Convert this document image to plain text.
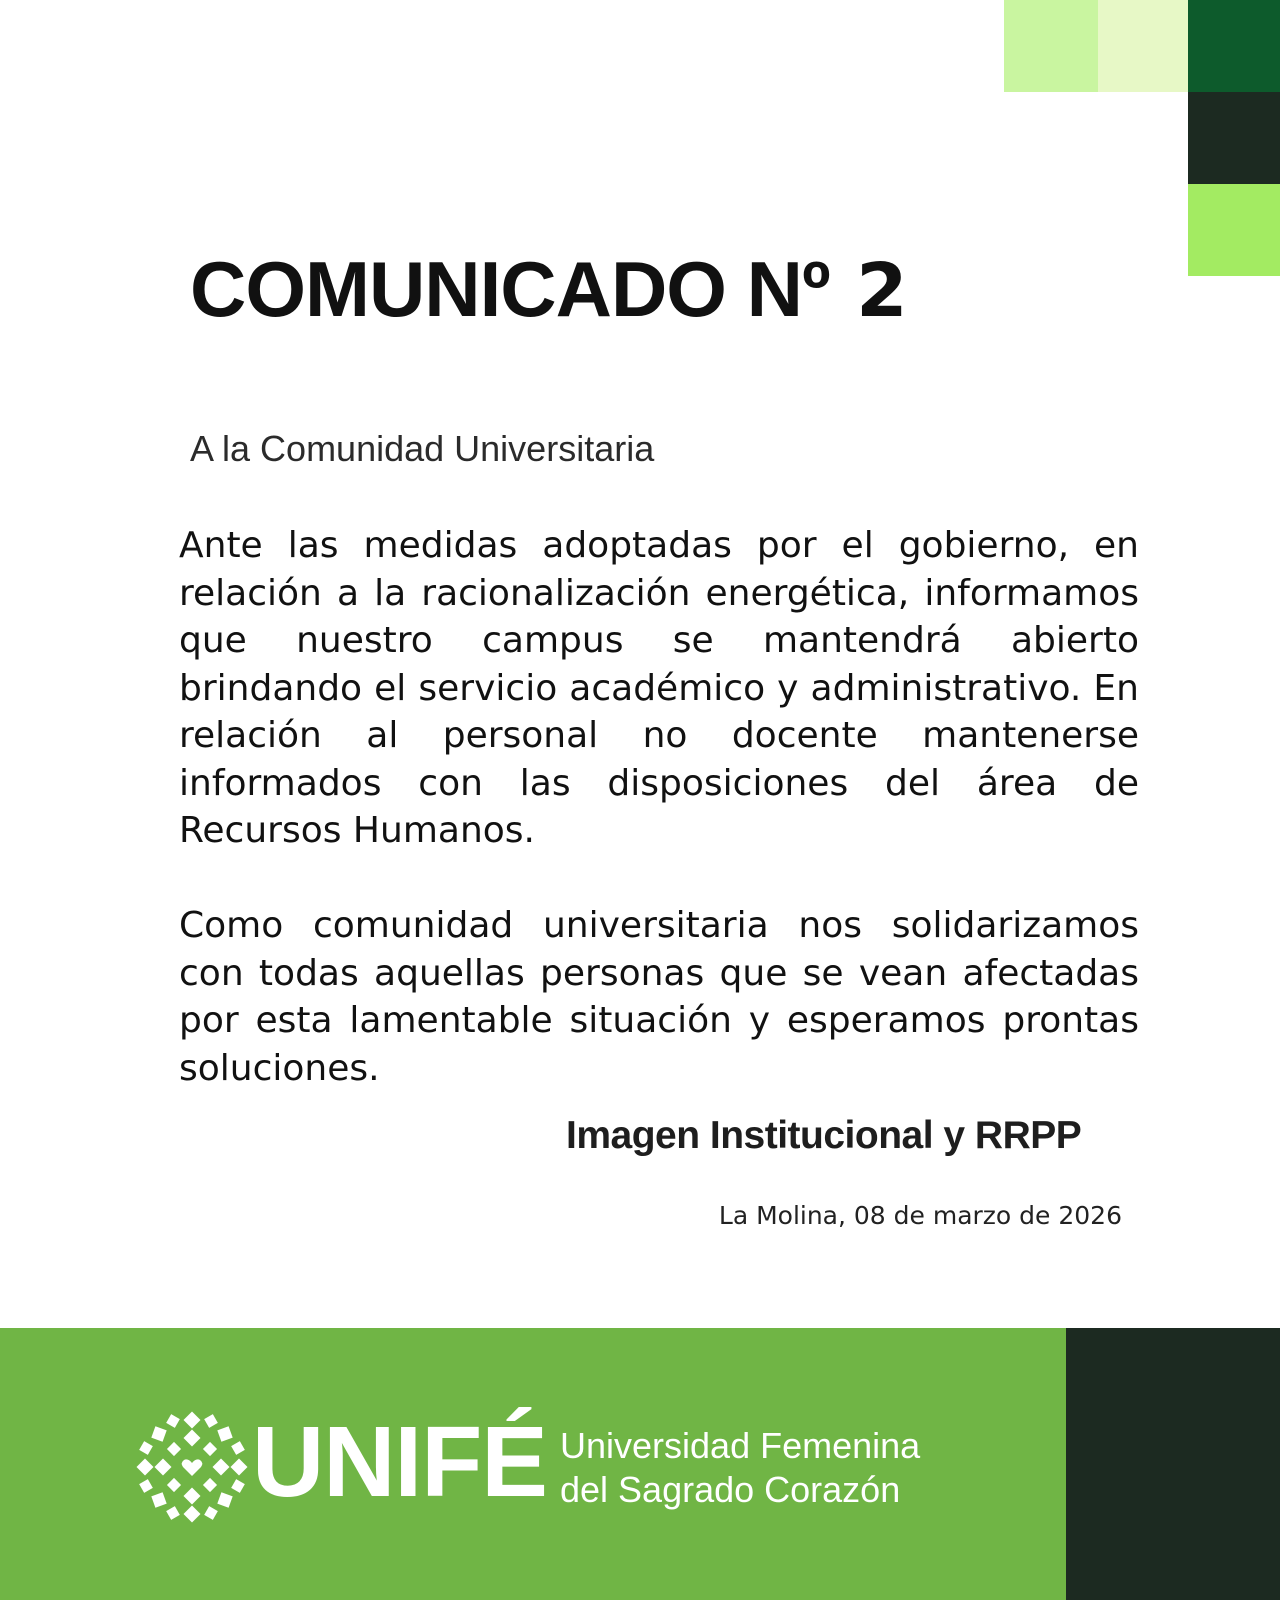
COMUNICADO Nº 2
A la Comunidad Universitaria

Ante las medidas adoptadas por el gobierno, en relación a la racionalización energética, informamos que nuestro campus se mantendrá abierto brindando el servicio académico y administrativo. En relación al personal no docente mantenerse informados con las disposiciones del área de Recursos Humanos.

Como comunidad universitaria nos solidarizamos con todas aquellas personas que se vean afectadas por esta lamentable situación y esperamos prontas soluciones.

Imagen Institucional y RRPP
La Molina, 08 de marzo de 2026
UNIFÉ Universidad Femenina
del Sagrado Corazón
